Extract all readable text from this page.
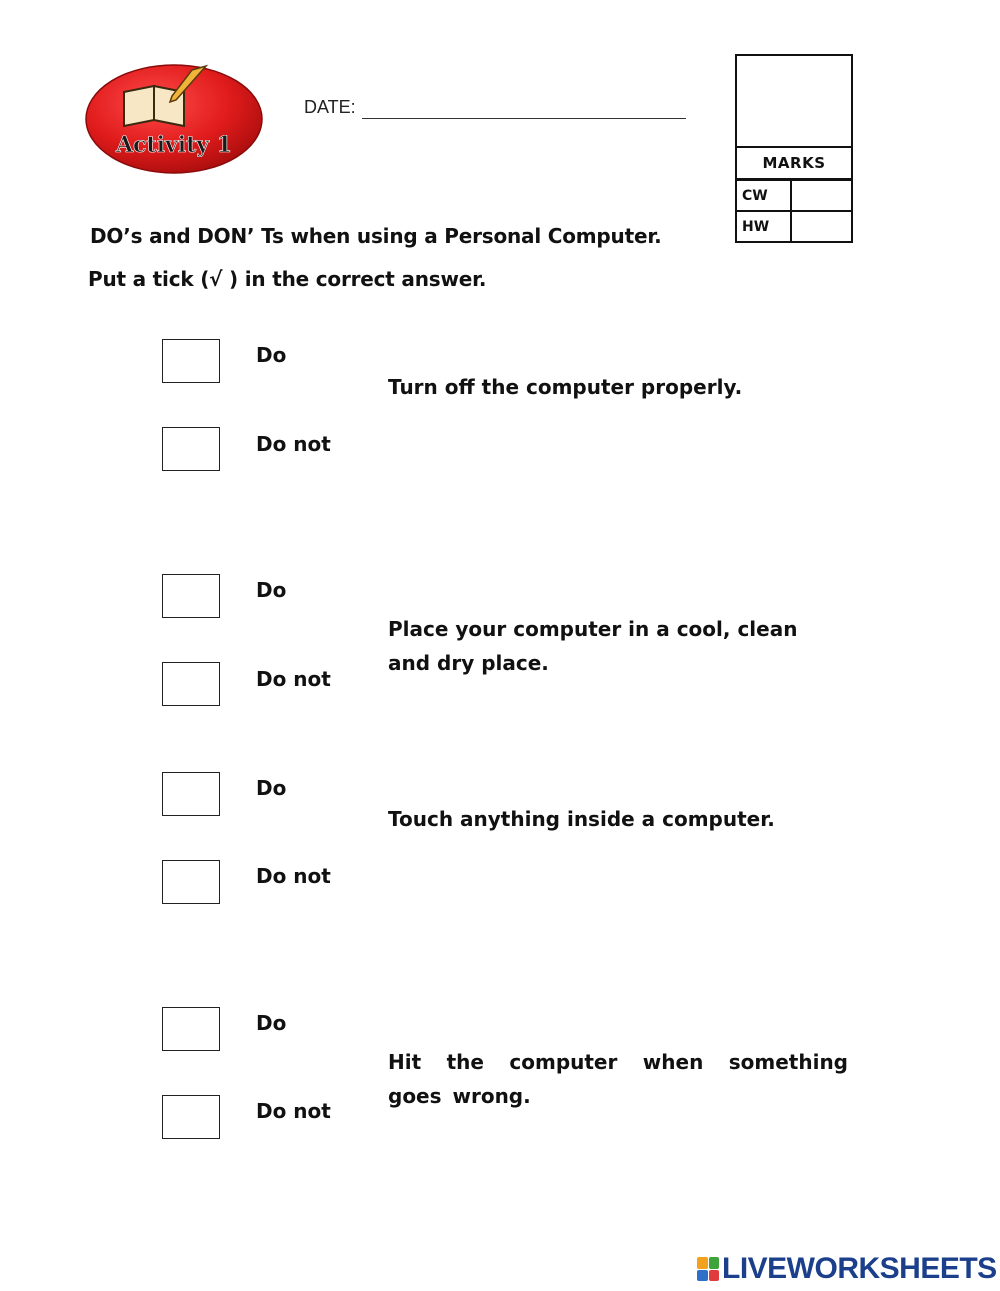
Activity 1
DATE:
MARKS
CW
HW
DO’s and DON’ Ts when using a Personal Computer.
Put a tick (√ ) in the correct answer.
Do
Do not
Turn off the computer properly.
Do
Do not
Place your computer in a cool, clean and dry place.
Do
Do not
Touch anything inside a computer.
Do
Do not
Hit the computer when something goes wrong.
LIVEWORKSHEETS
